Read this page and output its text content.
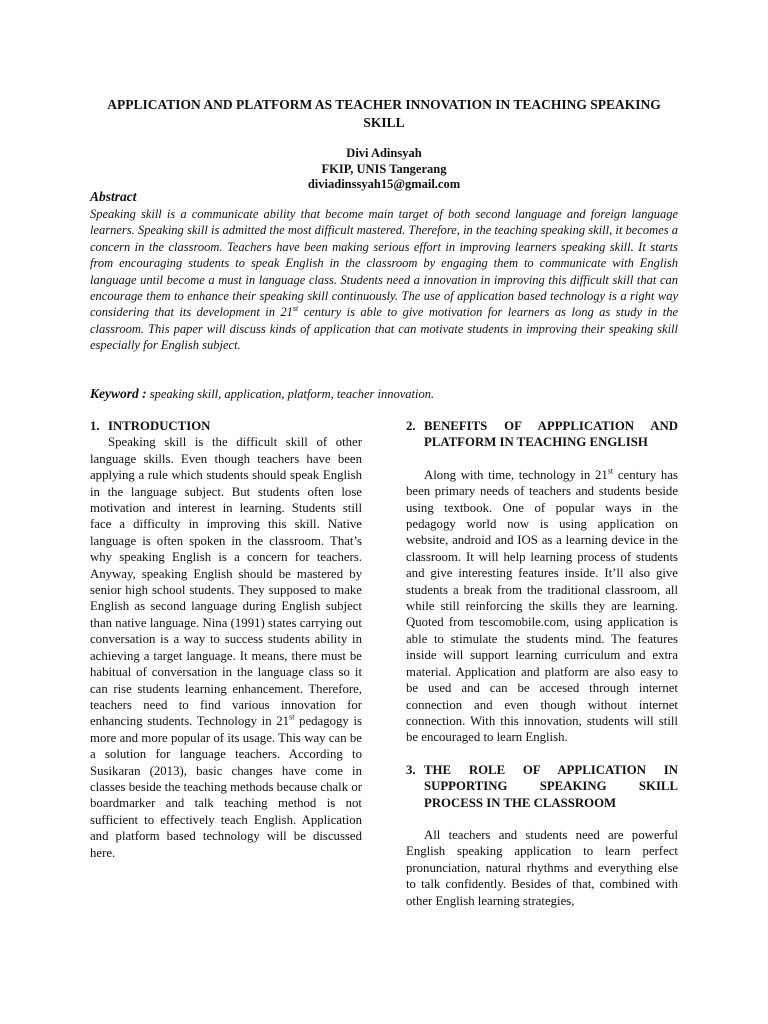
APPLICATION AND PLATFORM AS TEACHER INNOVATION IN TEACHING SPEAKING SKILL
Divi Adinsyah
FKIP, UNIS Tangerang
diviadinssyah15@gmail.com
Abstract
Speaking skill is a communicate ability that become main target of both second language and foreign language learners. Speaking skill is admitted the most difficult mastered. Therefore, in the teaching speaking skill, it becomes a concern in the classroom. Teachers have been making serious effort in improving learners speaking skill. It starts from encouraging students to speak English in the classroom by engaging them to communicate with English language until become a must in language class. Students need a innovation in improving this difficult skill that can encourage them to enhance their speaking skill continuously. The use of application based technology is a right way considering that its development in 21st century is able to give motivation for learners as long as study in the classroom. This paper will discuss kinds of application that can motivate students in improving their speaking skill especially for English subject.
Keyword : speaking skill, application, platform, teacher innovation.
1. INTRODUCTION

Speaking skill is the difficult skill of other language skills. Even though teachers have been applying a rule which students should speak English in the language subject. But students often lose motivation and interest in learning. Students still face a difficulty in improving this skill. Native language is often spoken in the classroom. That’s why speaking English is a concern for teachers. Anyway, speaking English should be mastered by senior high school students. They supposed to make English as second language during English subject than native language. Nina (1991) states carrying out conversation is a way to success students ability in achieving a target language. It means, there must be habitual of conversation in the language class so it can rise students learning enhancement. Therefore, teachers need to find various innovation for enhancing students. Technology in 21st pedagogy is more and more popular of its usage. This way can be a solution for language teachers. According to Susikaran (2013), basic changes have come in classes beside the teaching methods because chalk or boardmarker and talk teaching method is not sufficient to effectively teach English. Application and platform based technology will be discussed here.

2. BENEFITS OF APPPLICATION AND PLATFORM IN TEACHING ENGLISH

Along with time, technology in 21st century has been primary needs of teachers and students beside using textbook. One of popular ways in the pedagogy world now is using application on website, android and IOS as a learning device in the classroom. It will help learning process of students and give interesting features inside. It’ll also give students a break from the traditional classroom, all while still reinforcing the skills they are learning. Quoted from tescomobile.com, using application is able to stimulate the students mind. The features inside will support learning curriculum and extra material. Application and platform are also easy to be used and can be accesed through internet connection and even though without internet connection. With this innovation, students will still be encouraged to learn English.

3. THE ROLE OF APPLICATION IN SUPPORTING SPEAKING SKILL PROCESS IN THE CLASSROOM

All teachers and students need are powerful English speaking application to learn perfect pronunciation, natural rhythms and everything else to talk confidently. Besides of that, combined with other English learning strategies,
